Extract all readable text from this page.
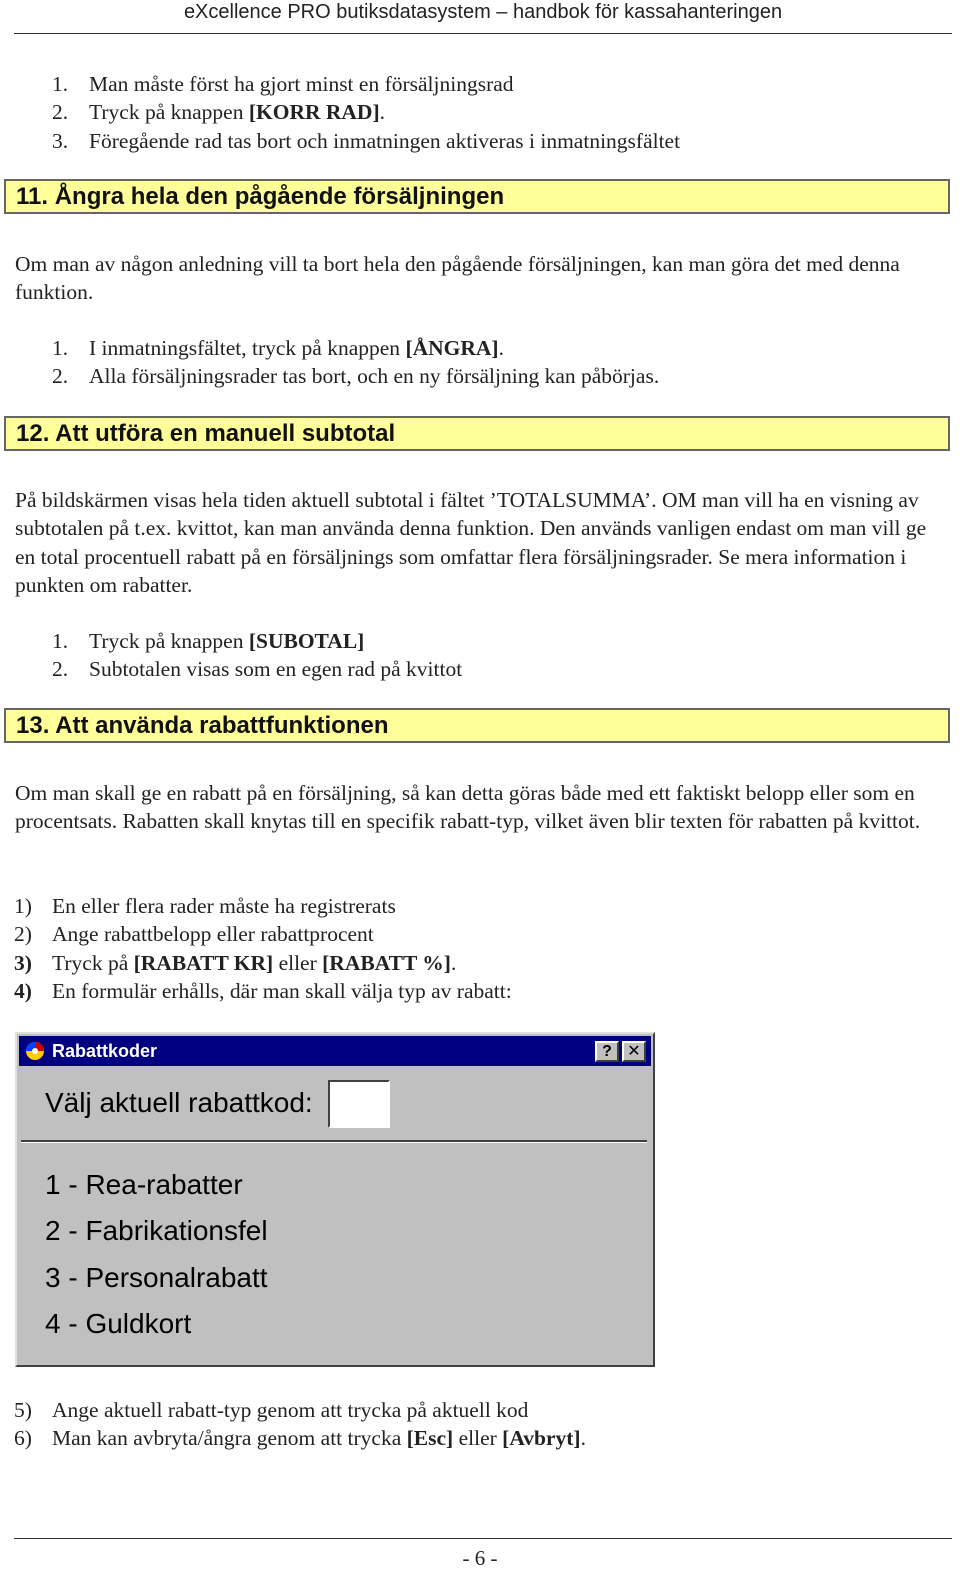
eXcellence PRO butiksdatasystem – handbok för kassahanteringen
1. Man måste först ha gjort minst en försäljningsrad
2. Tryck på knappen [KORR RAD].
3. Föregående rad tas bort och inmatningen aktiveras i inmatningsfältet
11. Ångra hela den pågående försäljningen

Om man av någon anledning vill ta bort hela den pågående försäljningen, kan man göra det med denna funktion.

1. I inmatningsfältet, tryck på knappen [ÅNGRA].
2. Alla försäljningsrader tas bort, och en ny försäljning kan påbörjas.
12. Att utföra en manuell subtotal

På bildskärmen visas hela tiden aktuell subtotal i fältet ’TOTALSUMMA’. OM man vill ha en visning av subtotalen på t.ex. kvittot, kan man använda denna funktion. Den används vanligen endast om man vill ge en total procentuell rabatt på en försäljnings som omfattar flera försäljningsrader. Se mera information i punkten om rabatter.

1. Tryck på knappen [SUBOTAL]
2. Subtotalen visas som en egen rad på kvittot
13. Att använda rabattfunktionen

Om man skall ge en rabatt på en försäljning, så kan detta göras både med ett faktiskt belopp eller som en procentsats. Rabatten skall knytas till en specifik rabatt-typ, vilket även blir texten för rabatten på kvittot.

1) En eller flera rader måste ha registrerats
2) Ange rabattbelopp eller rabattprocent
3) Tryck på [RABATT KR] eller [RABATT %].
4) En formulär erhålls, där man skall välja typ av rabatt:
Rabattkoder	? ✕
Välj aktuell rabattkod:
1 - Rea-rabatter
2 - Fabrikationsfel
3 - Personalrabatt
4 - Guldkort
5) Ange aktuell rabatt-typ genom att trycka på aktuell kod
6) Man kan avbryta/ångra genom att trycka [Esc] eller [Avbryt].
- 6 -
